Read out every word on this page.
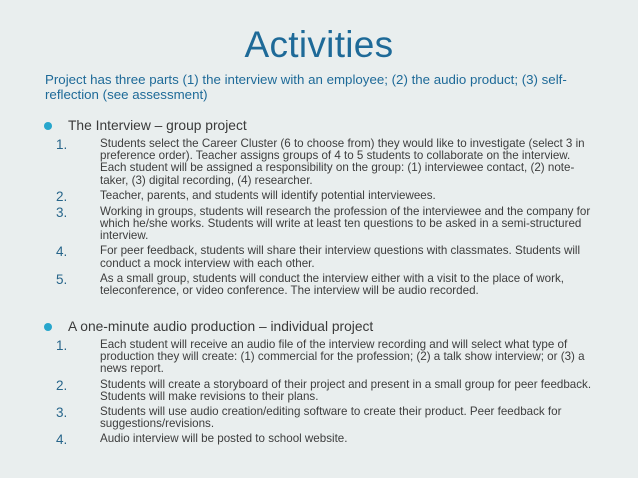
Activities
Project has three parts (1) the interview with an employee; (2) the audio product; (3) self-reflection (see assessment)
The Interview – group project
1.	Students select the Career Cluster (6 to choose from) they would like to investigate (select 3 in preference order). Teacher assigns groups of 4 to 5 students to collaborate on the interview. Each student will be assigned a responsibility on the group: (1) interviewee contact, (2) note-taker, (3) digital recording, (4) researcher.
2.	Teacher, parents, and students will identify potential interviewees.
3.	Working in groups, students will research the profession of the interviewee and the company for which he/she works. Students will write at least ten questions to be asked in a semi-structured interview.
4.	For peer feedback, students will share their interview questions with classmates. Students will conduct a mock interview with each other.
5.	As a small group, students will conduct the interview either with a visit to the place of work, teleconference, or video conference. The interview will be audio recorded.
A one-minute audio production – individual project
1.	Each student will receive an audio file of the interview recording and will select what type of production they will create: (1) commercial for the profession; (2) a talk show interview; or (3) a news report.
2.	Students will create a storyboard of their project and present in a small group for peer feedback. Students will make revisions to their plans.
3.	Students will use audio creation/editing software to create their product. Peer feedback for suggestions/revisions.
4.	Audio interview will be posted to school website.
